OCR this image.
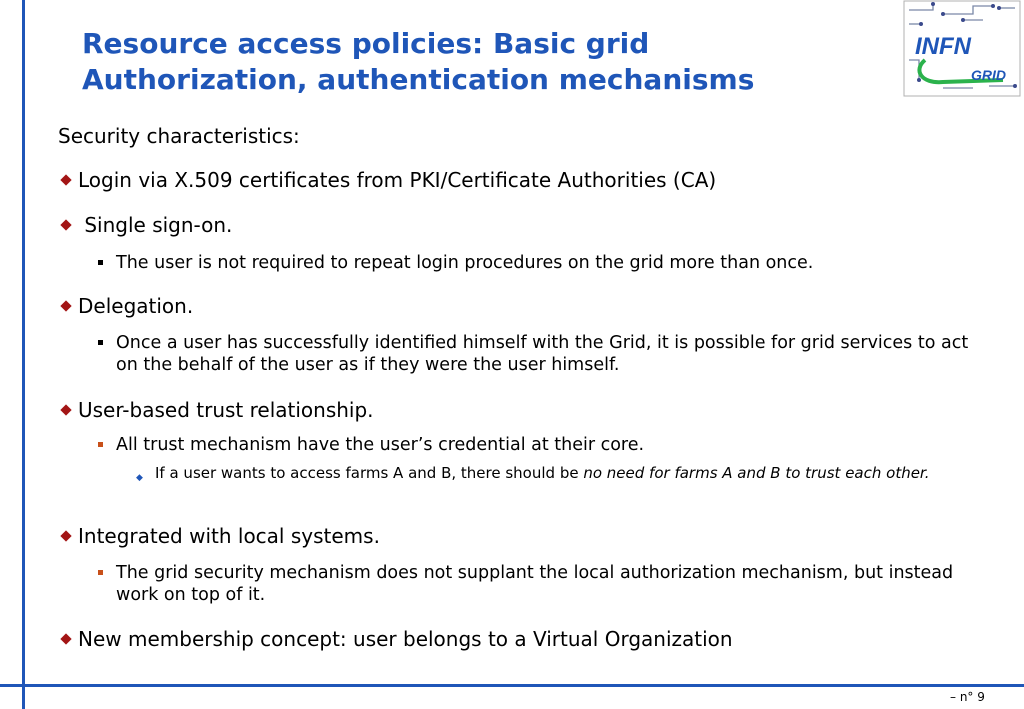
Resource access policies: Basic grid
Authorization, authentication mechanisms
INFN
GRID
Security characteristics:
Login via X.509 certificates from PKI/Certificate Authorities (CA)
Single sign-on.
The user is not required to repeat login procedures on the grid more than once.
Delegation.
Once a user has successfully identified himself with the Grid, it is possible for grid services to act on the behalf of the user as if they were the user himself.
User-based trust relationship.
All trust mechanism have the user’s credential at their core.
◆ If a user wants to access farms A and B, there should be no need for farms A and B to trust each other.
Integrated with local systems.
The grid security mechanism does not supplant the local authorization mechanism, but instead work on top of it.
New membership concept: user belongs to a Virtual Organization
– n° 9
